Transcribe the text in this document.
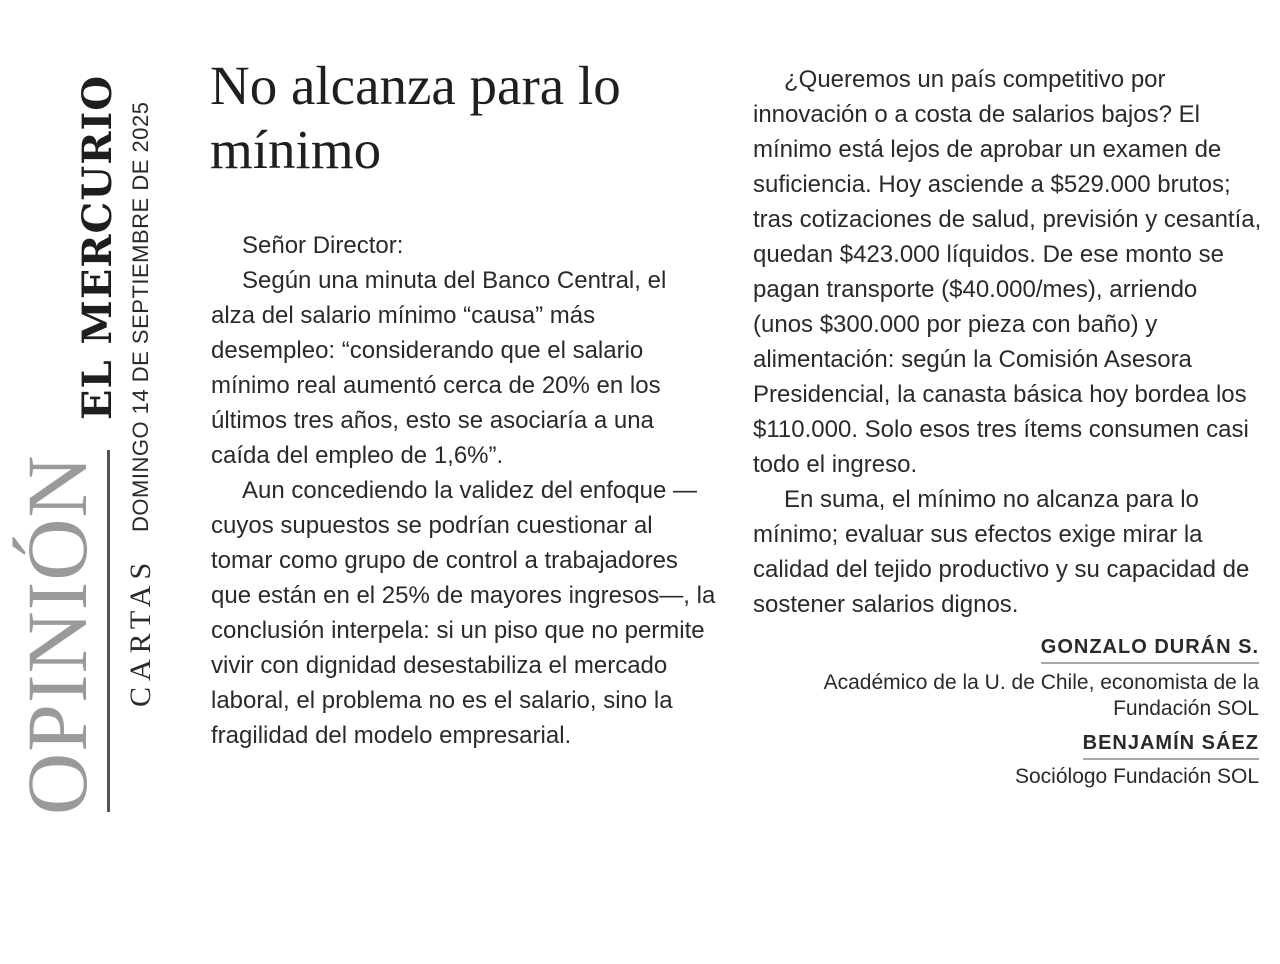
OPINIÓN
EL MERCURIO
CARTAS
DOMINGO 14 DE SEPTIEMBRE DE 2025
No alcanza para lo mínimo

Señor Director:

Según una minuta del Banco Central, el alza del salario mínimo “causa” más desempleo: “considerando que el salario mínimo real aumentó cerca de 20% en los últimos tres años, esto se asociaría a una caída del empleo de 1,6%”.

Aun concediendo la validez del enfoque —cuyos supuestos se podrían cuestionar al tomar como grupo de control a trabajadores que están en el 25% de mayores ingresos—, la conclusión interpela: si un piso que no permite vivir con dignidad desestabiliza el mercado laboral, el problema no es el salario, sino la fragilidad del modelo empresarial.

¿Queremos un país competitivo por innovación o a costa de salarios bajos? El mínimo está lejos de aprobar un examen de suficiencia. Hoy asciende a $529.000 brutos; tras cotizaciones de salud, previsión y cesantía, quedan $423.000 líquidos. De ese monto se pagan transporte ($40.000/mes), arriendo (unos $300.000 por pieza con baño) y alimentación: según la Comisión Asesora Presidencial, la canasta básica hoy bordea los $110.000. Solo esos tres ítems consumen casi todo el ingreso.

En suma, el mínimo no alcanza para lo mínimo; evaluar sus efectos exige mirar la calidad del tejido productivo y su capacidad de sostener salarios dignos.

GONZALO DURÁN S.
Académico de la U. de Chile, economista de la Fundación SOL
BENJAMÍN SÁEZ
Sociólogo Fundación SOL
